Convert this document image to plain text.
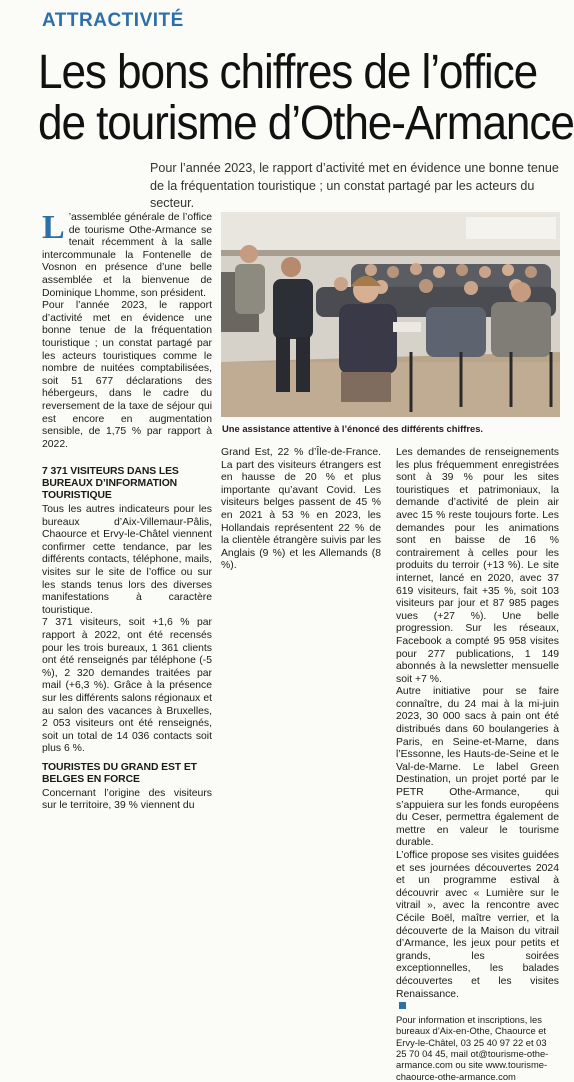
ATTRACTIVITÉ
Les bons chiffres de l’office
de tourisme d’Othe-Armance
Pour l’année 2023, le rapport d’activité met en évidence une bonne tenue
de la fréquentation touristique ; un constat partagé par les acteurs du secteur.

L ’assemblée générale de l’office de tourisme Othe-Armance se tenait récemment à la salle intercommunale la Fontenelle de Vosnon en présence d’une belle assemblée et la bienvenue de Dominique Lhomme, son président.

Pour l’année 2023, le rapport d’activité met en évidence une bonne tenue de la fréquentation touristique ; un constat partagé par les acteurs touristiques comme le nombre de nuitées comptabilisées, soit 51 677 déclarations des hébergeurs, dans le cadre du reversement de la taxe de séjour qui est encore en augmentation sensible, de 1,75 % par rapport à 2022.

Une assistance attentive à l’énoncé des différents chiffres.
7 371 VISITEURS DANS LES BUREAUX D’INFORMATION TOURISTIQUE

Tous les autres indicateurs pour les bureaux d’Aix-Villemaur-Pâlis, Chaource et Ervy-le-Châtel viennent confirmer cette tendance, par les différents contacts, téléphone, mails, visites sur le site de l’office ou sur les stands tenus lors des diverses manifestations à caractère touristique.

7 371 visiteurs, soit +1,6 % par rapport à 2022, ont été recensés pour les trois bureaux, 1 361 clients ont été renseignés par téléphone (-5 %), 2 320 demandes traitées par mail (+6,3 %). Grâce à la présence sur les différents salons régionaux et au salon des vacances à Bruxelles, 2 053 visiteurs ont été renseignés, soit un total de 14 036 contacts soit plus 6 %.

TOURISTES DU GRAND EST ET BELGES EN FORCE

Concernant l’origine des visiteurs sur le territoire, 39 % viennent du

Grand Est, 22 % d’Île-de-France. La part des visiteurs étrangers est en hausse de 20 % et plus importante qu’avant Covid. Les visiteurs belges passent de 45 % en 2021 à 53 % en 2023, les Hollandais représentent 22 % de la clientèle étrangère suivis par les Anglais (9 %) et les Allemands (8 %).

Les demandes de renseignements les plus fréquemment enregistrées sont à 39 % pour les sites touristiques et patrimoniaux, la demande d’activité de plein air avec 15 % reste toujours forte. Les demandes pour les animations sont en baisse de 16 % contrairement à celles pour les produits du terroir (+13 %). Le site internet, lancé en 2020, avec 37 619 visiteurs, fait +35 %, soit 103 visiteurs par jour et 87 985 pages vues (+27 %). Une belle progression. Sur les réseaux, Facebook a compté 95 958 visites pour 277 publications, 1 149 abonnés à la newsletter mensuelle soit +7 %.

Autre initiative pour se faire connaître, du 24 mai à la mi-juin 2023, 30 000 sacs à pain ont été distribués dans 60 boulangeries à Paris, en Seine-et-Marne, dans l’Essonne, les Hauts-de-Seine et le Val-de-Marne. Le label Green Destination, un projet porté par le PETR Othe-Armance, qui s’appuiera sur les fonds européens du Ceser, permettra également de mettre en valeur le tourisme durable.

L’office propose ses visites guidées et ses journées découvertes 2024 et un programme estival à découvrir avec « Lumière sur le vitrail », avec la rencontre avec Cécile Boël, maître verrier, et la découverte de la Maison du vitrail d’Armance, les jeux pour petits et grands, les soirées exceptionnelles, les balades découvertes et les visites Renaissance.

Pour information et inscriptions, les bureaux d’Aix-en-Othe, Chaource et Ervy-le-Châtel, 03 25 40 97 22 et 03 25 70 04 45, mail ot@tourisme-othe-armance.com ou site www.tourisme-chaource-othe-armance.com
